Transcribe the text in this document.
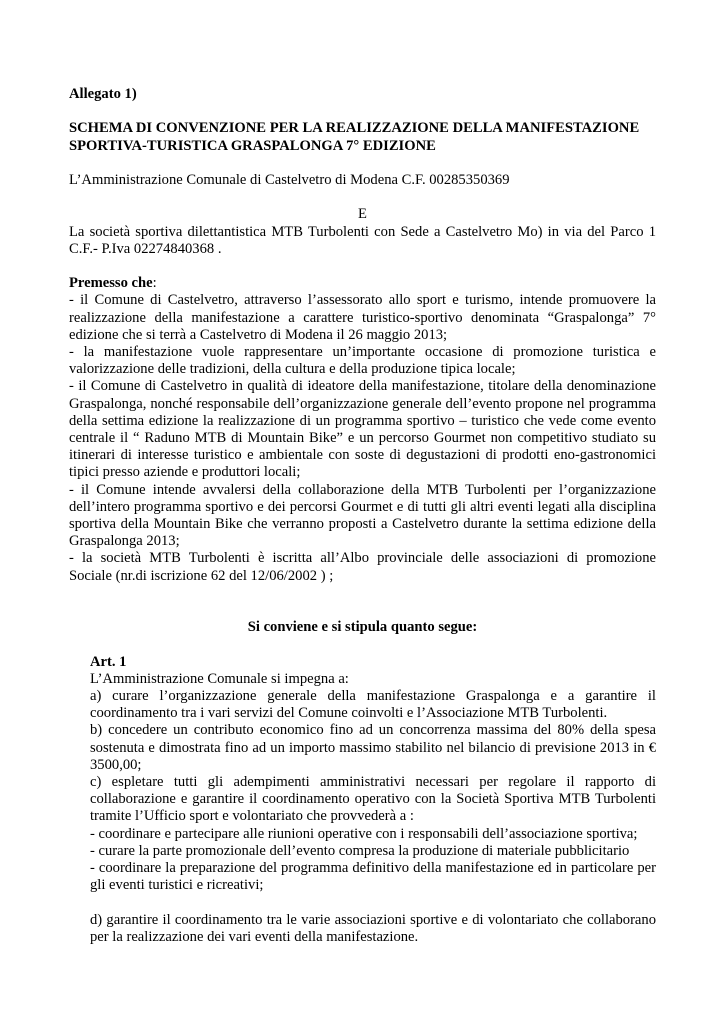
Allegato 1)

SCHEMA DI CONVENZIONE PER LA REALIZZAZIONE DELLA MANIFESTAZIONE
SPORTIVA-TURISTICA GRASPALONGA 7° EDIZIONE

L’Amministrazione Comunale di Castelvetro di Modena C.F. 00285350369

E

La società sportiva dilettantistica MTB Turbolenti con Sede a Castelvetro Mo) in via del Parco 1
C.F.- P.Iva 02274840368 .

Premesso che:

- il Comune di Castelvetro, attraverso l’assessorato allo sport e turismo, intende promuovere la
realizzazione della manifestazione a carattere turistico-sportivo denominata “Graspalonga” 7°
edizione che si terrà a Castelvetro di Modena il 26 maggio 2013;
- la manifestazione vuole rappresentare un’importante occasione di promozione turistica e
valorizzazione delle tradizioni, della cultura e della produzione tipica locale;
- il Comune di Castelvetro in qualità di ideatore della manifestazione, titolare della denominazione
Graspalonga, nonché responsabile dell’organizzazione generale dell’evento propone nel programma
della settima edizione la realizzazione di un programma sportivo – turistico che vede come evento
centrale il “ Raduno MTB di Mountain Bike” e un percorso Gourmet non competitivo studiato su
itinerari di interesse turistico e ambientale con soste di degustazioni di prodotti eno-gastronomici
tipici presso aziende e produttori locali;
- il Comune intende avvalersi della collaborazione della MTB Turbolenti per l’organizzazione
dell’intero programma sportivo e dei percorsi Gourmet e di tutti gli altri eventi legati alla disciplina
sportiva della Mountain Bike che verranno proposti a Castelvetro durante la settima edizione della
Graspalonga 2013;
- la società MTB Turbolenti è iscritta all’Albo provinciale delle associazioni di promozione
Sociale (nr.di iscrizione 62 del 12/06/2002 ) ;

Si conviene e si stipula quanto segue:

Art. 1

L’Amministrazione Comunale si impegna a:
a) curare l’organizzazione generale della manifestazione Graspalonga e a garantire il
coordinamento tra i vari servizi del Comune coinvolti e l’Associazione MTB Turbolenti.
b) concedere un contributo economico fino ad un concorrenza massima del 80% della spesa
sostenuta e dimostrata fino ad un importo massimo stabilito nel bilancio di previsione 2013 in €
3500,00;
c) espletare tutti gli adempimenti amministrativi necessari per regolare il rapporto di
collaborazione e garantire il coordinamento operativo con la Società Sportiva MTB Turbolenti
tramite l’Ufficio sport e volontariato che provvederà a :
- coordinare e partecipare alle riunioni operative con i responsabili dell’associazione sportiva;
- curare la parte promozionale dell’evento compresa la produzione di materiale pubblicitario
- coordinare la preparazione del programma definitivo della manifestazione ed in particolare per
gli eventi turistici e ricreativi;

d) garantire il coordinamento tra le varie associazioni sportive e di volontariato che collaborano
per la realizzazione dei vari eventi della manifestazione.
